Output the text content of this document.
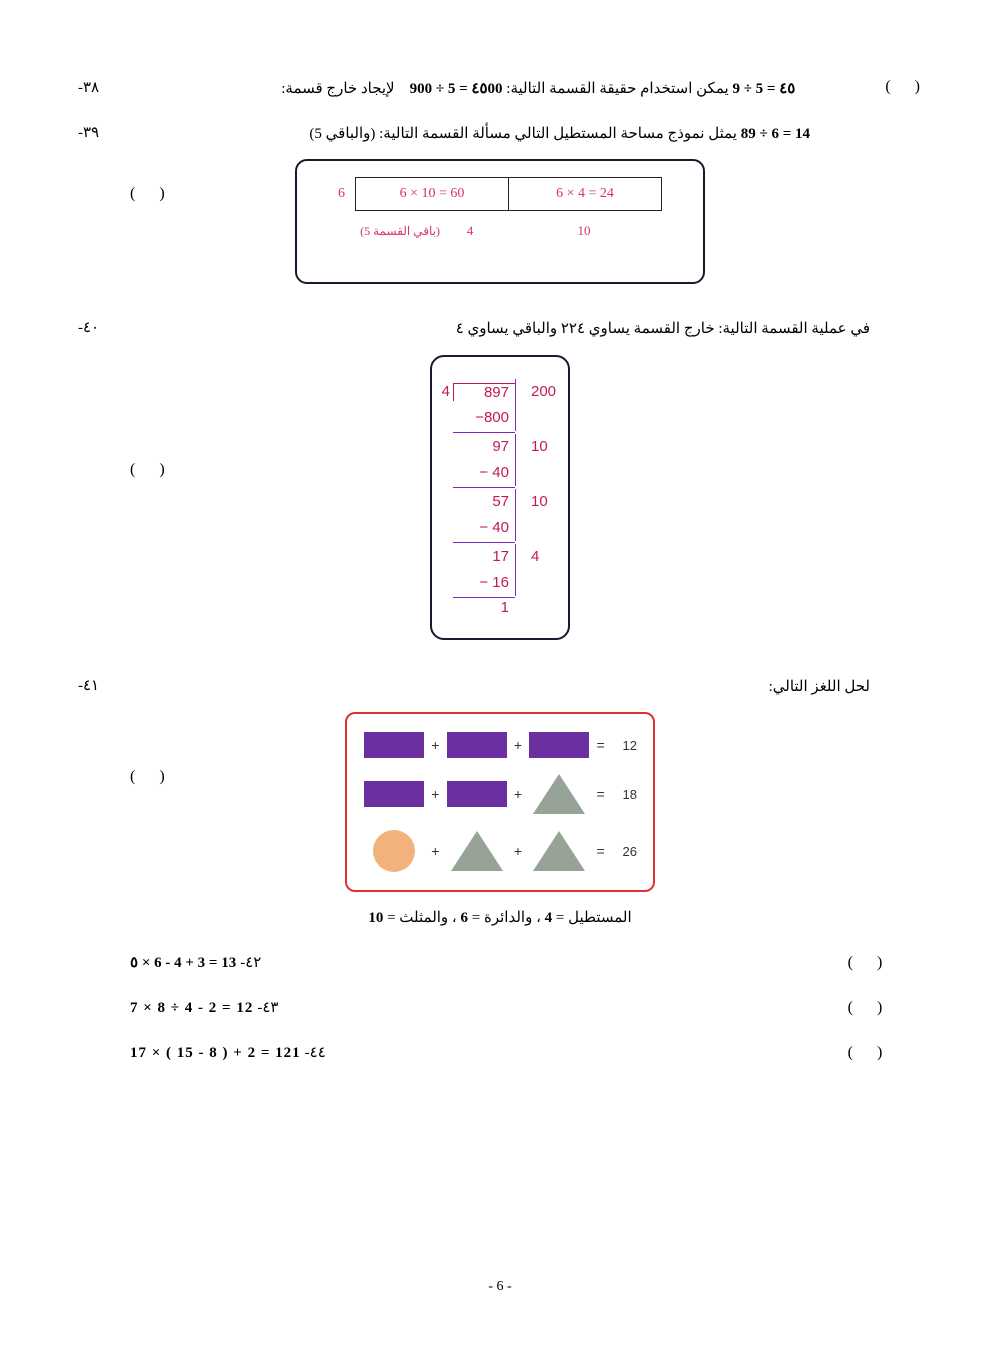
( )
٤٥ 9 ÷ 5 = يمكن استخدام حقيقة القسمة التالية: ٤٥00 900 ÷ 5 =    لإيجاد خارج قسمة:
٣٨-
89 ÷ 6 = 14 يمثل نموذج مساحة المستطيل التالي مسألة القسمة التالية: (والباقي 5)
٣٩-
( )	6	6 × 10 = 60	6 × 4 = 24
(باقي القسمة 5)	4	10
في عملية القسمة التالية: خارج القسمة يساوي ٢٢٤ والباقي يساوي ٤
٤٠-
( )
4	897	200
−800
97	10
− 40
57	10
− 40
17	4
− 16
1
لحل اللغز التالي:
٤١-
( )
+	+	=	12
+	+	=	18
+	+	=	26
المستطيل = 4 ، والدائرة = 6 ، والمثلث = 10
( )
٤٢- ٥ × 6 - 4 + 3 = 13
( )
٤٣- 7 × 8 ÷ 4 - 2 = 12
( )
٤٤- 17 × ( 15 - 8 ) + 2 = 121
- 6 -
